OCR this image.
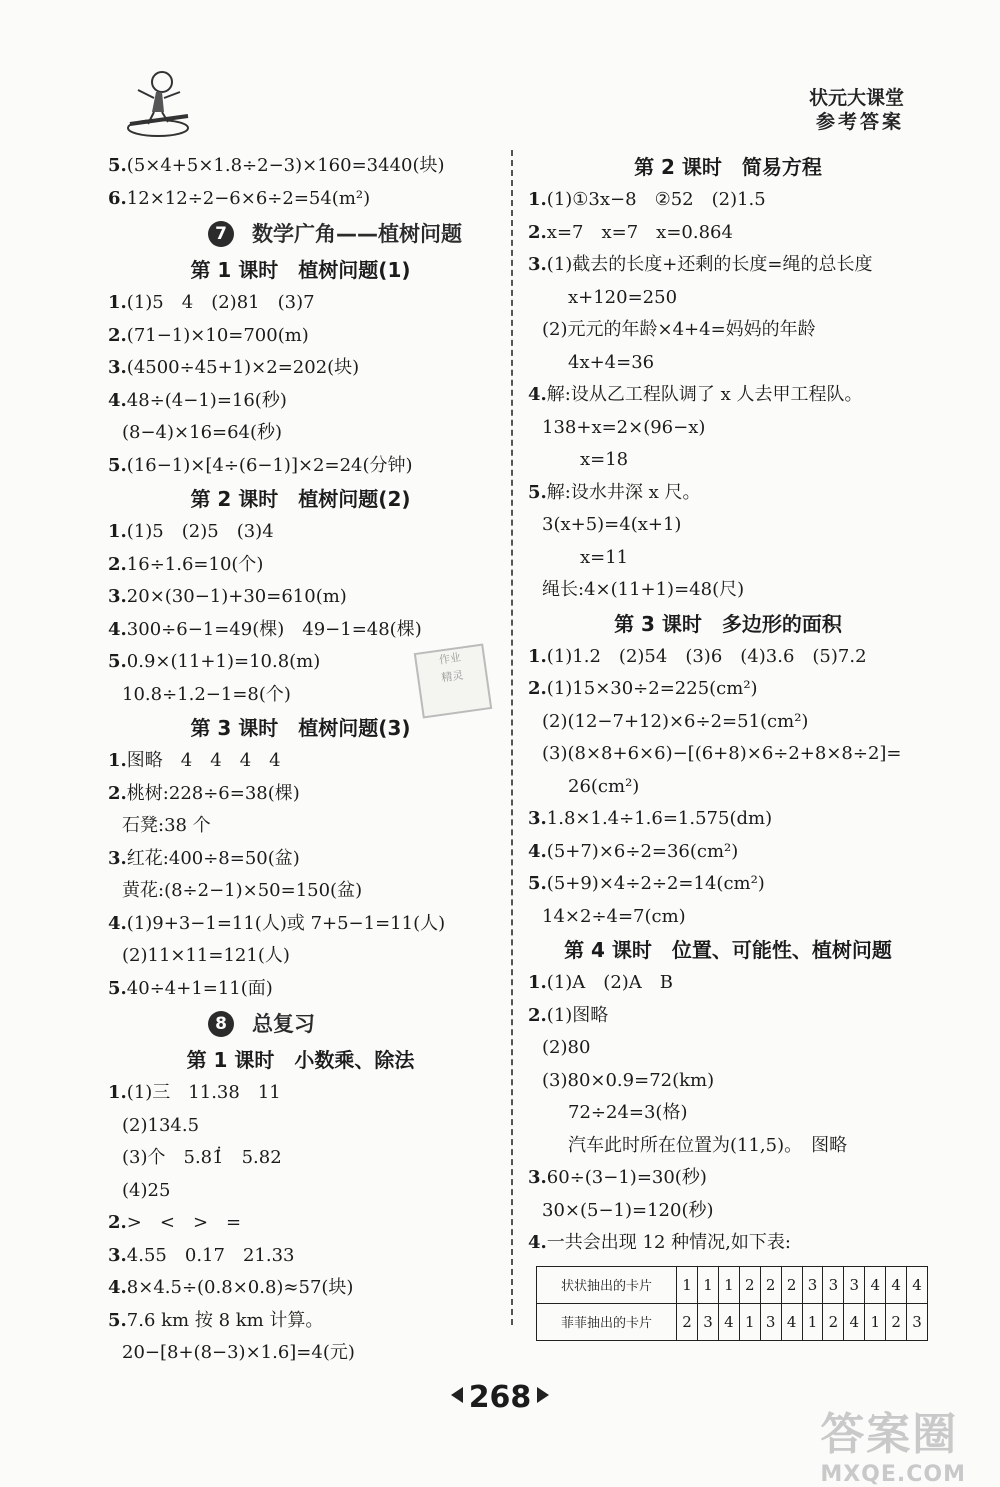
状元大课堂
参考答案
5.(5×4+5×1.8÷2−3)×160=3440(块)
6.12×12÷2−6×6÷2=54(m²)
7 数学广角——植树问题
第 1 课时　植树问题(1)
1.(1)5　4　(2)81　(3)7
2.(71−1)×10=700(m)
3.(4500÷45+1)×2=202(块)
4.48÷(4−1)=16(秒)
(8−4)×16=64(秒)
5.(16−1)×[4÷(6−1)]×2=24(分钟)
第 2 课时　植树问题(2)
1.(1)5　(2)5　(3)4
2.16÷1.6=10(个)
3.20×(30−1)+30=610(m)
4.300÷6−1=49(棵)　49−1=48(棵)
5.0.9×(11+1)=10.8(m)
10.8÷1.2−1=8(个)
第 3 课时　植树问题(3)
1.图略　4　4　4　4
2.桃树:228÷6=38(棵)
石凳:38 个
3.红花:400÷8=50(盆)
黄花:(8÷2−1)×50=150(盆)
4.(1)9+3−1=11(人)或 7+5−1=11(人)
(2)11×11=121(人)
5.40÷4+1=11(面)
8 总复习
第 1 课时　小数乘、除法
1.(1)三　11.38　11
(2)134.5
(3)个　5.81̇̇　5.82
(4)25
2.>　<　>　=
3.4.55　0.17　21.33
4.8×4.5÷(0.8×0.8)≈57(块)
5.7.6 km 按 8 km 计算。
20−[8+(8−3)×1.6]=4(元)
第 2 课时　简易方程
1.(1)①3x−8　②52　(2)1.5
2.x=7　x=7　x=0.864
3.(1)截去的长度+还剩的长度=绳的总长度
x+120=250
(2)元元的年龄×4+4=妈妈的年龄
4x+4=36
4.解:设从乙工程队调了 x 人去甲工程队。
138+x=2×(96−x)
x=18
5.解:设水井深 x 尺。
3(x+5)=4(x+1)
x=11
绳长:4×(11+1)=48(尺)
第 3 课时　多边形的面积
1.(1)1.2　(2)54　(3)6　(4)3.6　(5)7.2
2.(1)15×30÷2=225(cm²)
(2)(12−7+12)×6÷2=51(cm²)
(3)(8×8+6×6)−[(6+8)×6÷2+8×8÷2]=
26(cm²)
3.1.8×1.4÷1.6=1.575(dm)
4.(5+7)×6÷2=36(cm²)
5.(5+9)×4÷2÷2=14(cm²)
14×2÷4=7(cm)
第 4 课时　位置、可能性、植树问题
1.(1)A　(2)A　B
2.(1)图略
(2)80
(3)80×0.9=72(km)
72÷24=3(格)
汽车此时所在位置为(11,5)。　图略
3.60÷(3−1)=30(秒)
30×(5−1)=120(秒)
4.一共会出现 12 种情况,如下表:
状状抽出的卡片	1	1	1	2	2	2	3	3	3	4	4	4
菲菲抽出的卡片	2	3	4	1	3	4	1	2	4	1	2	3
作业
精灵
268
答案圈
MXQE.COM
